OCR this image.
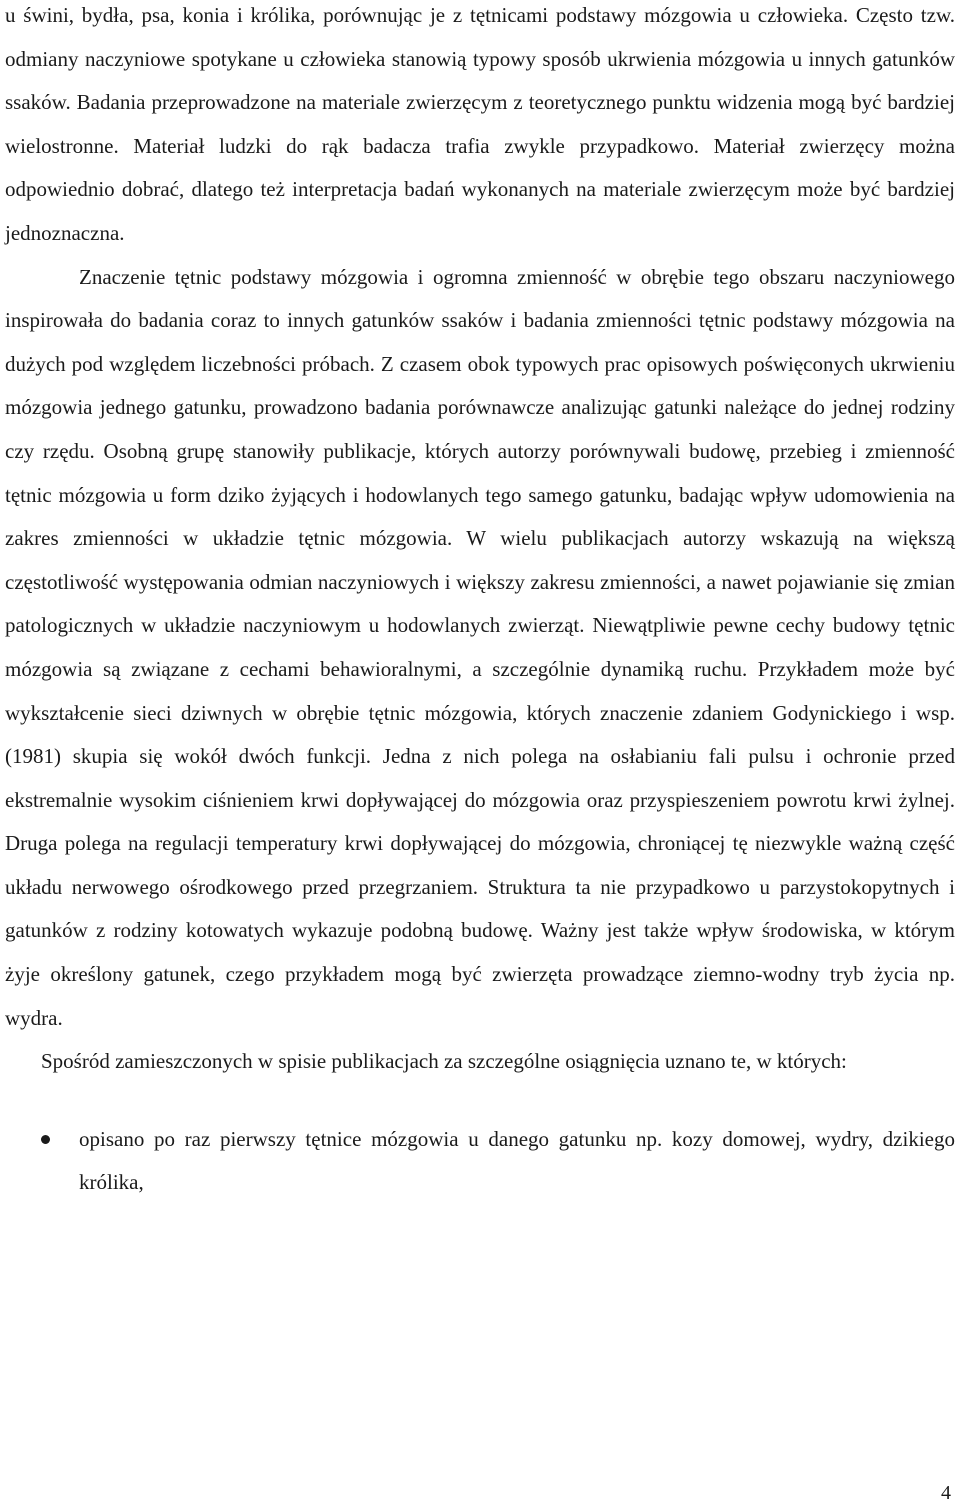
u świni, bydła, psa, konia i królika, porównując je z tętnicami podstawy mózgowia u człowieka. Często tzw. odmiany naczyniowe spotykane u człowieka stanowią typowy sposób ukrwienia mózgowia u innych gatunków ssaków. Badania przeprowadzone na materiale zwierzęcym z teoretycznego punktu widzenia mogą być bardziej wielostronne. Materiał ludzki do rąk badacza trafia zwykle przypadkowo. Materiał zwierzęcy można odpowiednio dobrać, dlatego też interpretacja badań wykonanych na materiale zwierzęcym może być bardziej jednoznaczna.

Znaczenie tętnic podstawy mózgowia i ogromna zmienność w obrębie tego obszaru naczyniowego inspirowała do badania coraz to innych gatunków ssaków i badania zmienności tętnic podstawy mózgowia na dużych pod względem liczebności próbach. Z czasem obok typowych prac opisowych poświęconych ukrwieniu mózgowia jednego gatunku, prowadzono badania porównawcze analizując gatunki należące do jednej rodziny czy rzędu. Osobną grupę stanowiły publikacje, których autorzy porównywali budowę, przebieg i zmienność tętnic mózgowia u form dziko żyjących i hodowlanych tego samego gatunku, badając wpływ udomowienia na zakres zmienności w układzie tętnic mózgowia. W wielu publikacjach autorzy wskazują na większą częstotliwość występowania odmian naczyniowych i większy zakresu zmienności, a nawet pojawianie się zmian patologicznych w układzie naczyniowym u hodowlanych zwierząt. Niewątpliwie pewne cechy budowy tętnic mózgowia są związane z cechami behawioralnymi, a szczególnie dynamiką ruchu. Przykładem może być wykształcenie sieci dziwnych w obrębie tętnic mózgowia, których znaczenie zdaniem Godynickiego i wsp.(1981) skupia się wokół dwóch funkcji. Jedna z nich polega na osłabianiu fali pulsu i ochronie przed ekstremalnie wysokim ciśnieniem krwi dopływającej do mózgowia oraz przyspieszeniem powrotu krwi żylnej. Druga polega na regulacji temperatury krwi dopływającej do mózgowia, chroniącej tę niezwykle ważną część układu nerwowego ośrodkowego przed przegrzaniem. Struktura ta nie przypadkowo u parzystokopytnych i gatunków z rodziny kotowatych wykazuje podobną budowę. Ważny jest także wpływ środowiska, w którym żyje określony gatunek, czego przykładem mogą być zwierzęta prowadzące ziemno-wodny tryb życia np. wydra.

Spośród zamieszczonych w spisie publikacjach za szczególne osiągnięcia uznano te, w których:

opisano po raz pierwszy tętnice mózgowia u danego gatunku np. kozy domowej, wydry, dzikiego królika,
4
